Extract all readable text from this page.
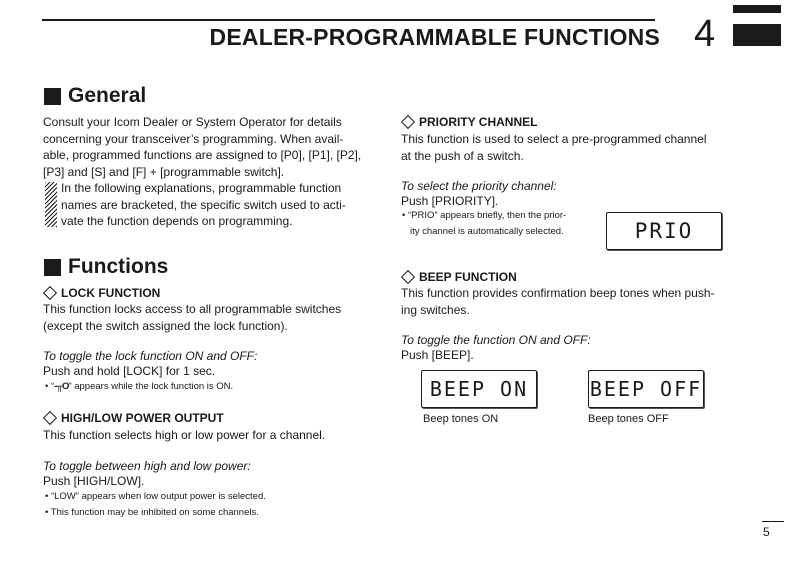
DEALER-PROGRAMMABLE FUNCTIONS 4
General
Consult your Icom Dealer or System Operator for details
concerning your transceiver’s programming. When avail-
able, programmed functions are assigned to [P0], [P1], [P2],
[P3] and [S] and [F] + [programmable switch].
In the following explanations, programmable function
names are bracketed, the specific switch used to acti-
vate the function depends on programming.
Functions
LOCK FUNCTION
This function locks access to all programmable switches
(except the switch assigned the lock function).
To toggle the lock function ON and OFF:
Push and hold [LOCK] for 1 sec.
• “-╥O” appears while the lock function is ON.
HIGH/LOW POWER OUTPUT
This function selects high or low power for a channel.
To toggle between high and low power:
Push [HIGH/LOW].
• “LOW” appears when low output power is selected.
• This function may be inhibited on some channels.
PRIORITY CHANNEL
This function is used to select a pre-programmed channel
at the push of a switch.
To select the priority channel:
Push [PRIORITY].
• “PRIO” appears briefly, then the prior-
ity channel is automatically selected.	PRIO
BEEP FUNCTION
This function provides confirmation beep tones when push-
ing switches.
To toggle the function ON and OFF:
Push [BEEP].
BEEP ON	BEEP OFF
Beep tones ON	Beep tones OFF
5
